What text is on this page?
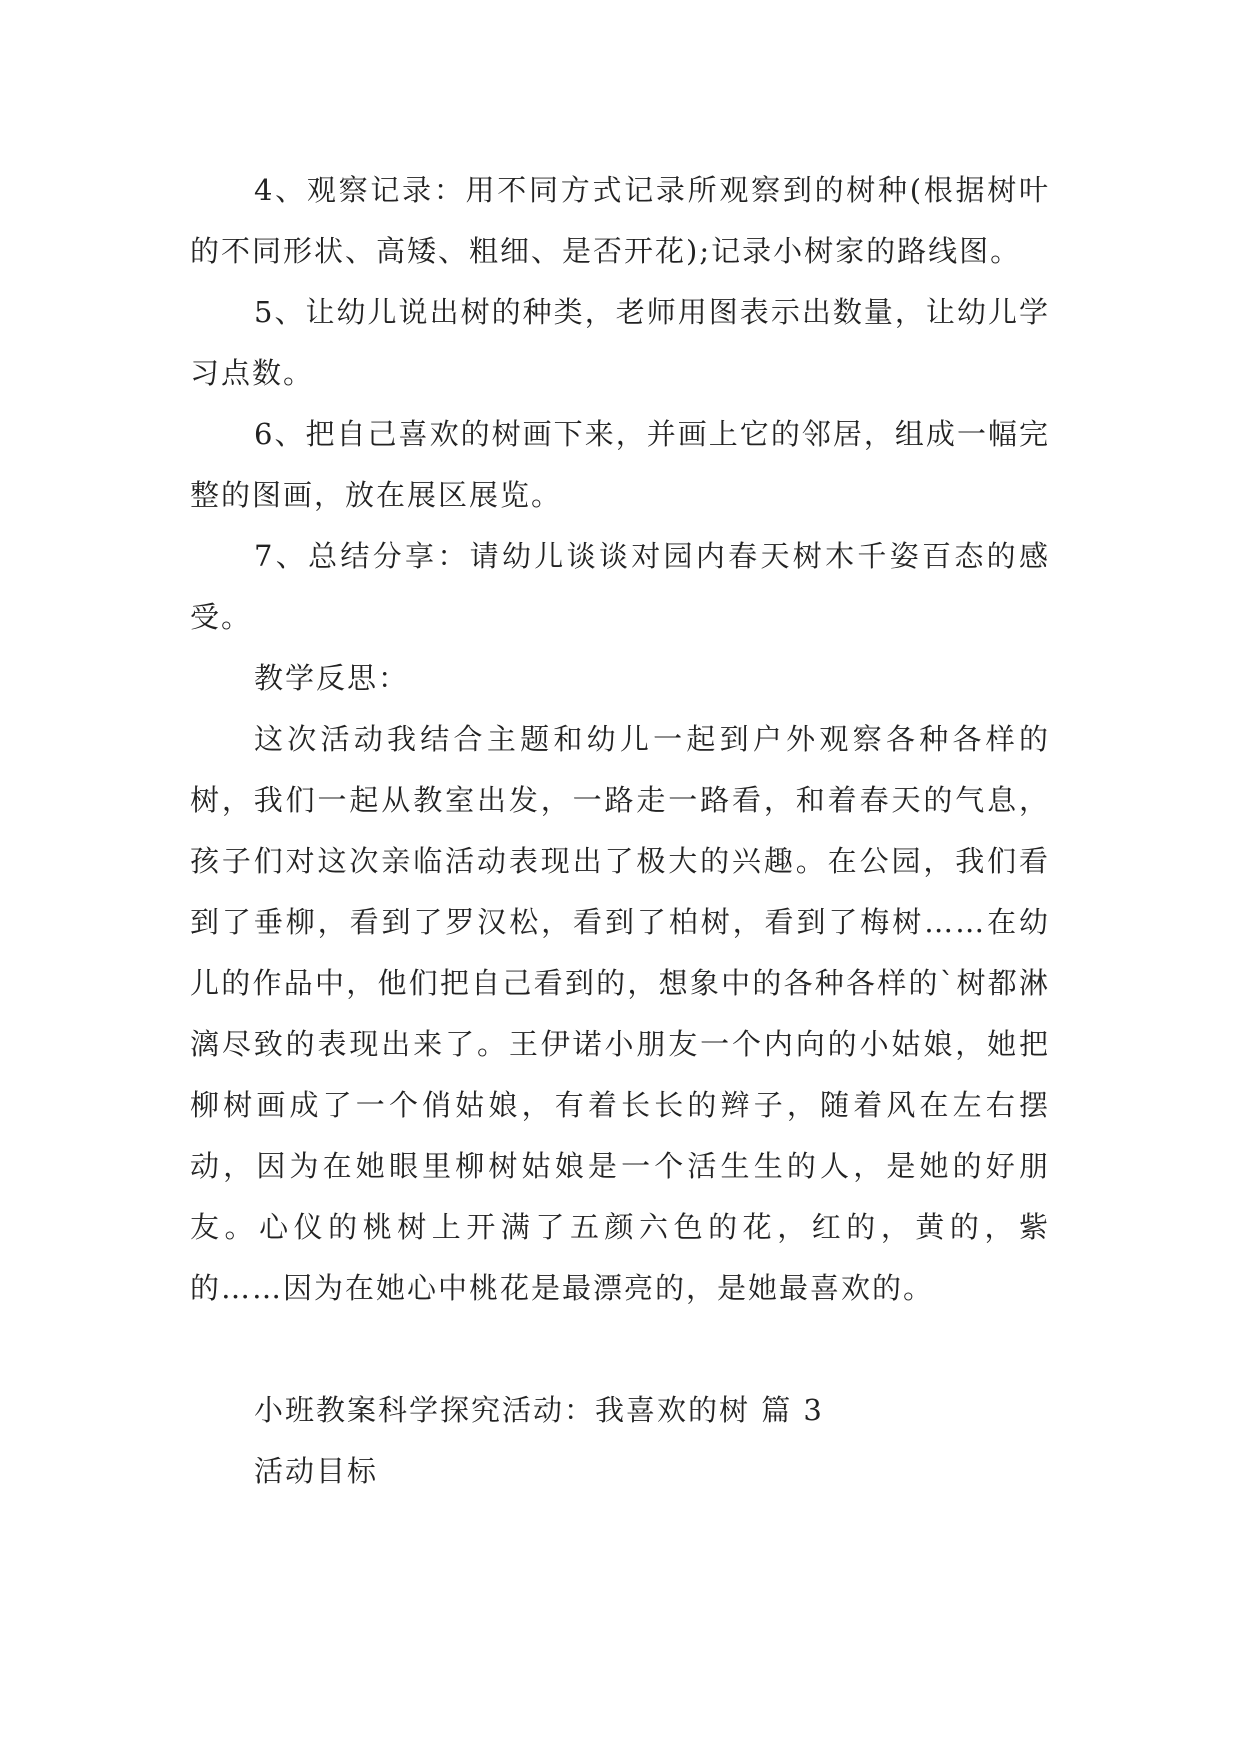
4、观察记录：用不同方式记录所观察到的树种(根据树叶的不同形状、高矮、粗细、是否开花);记录小树家的路线图。

5、让幼儿说出树的种类，老师用图表示出数量，让幼儿学习点数。

6、把自己喜欢的树画下来，并画上它的邻居，组成一幅完整的图画，放在展区展览。

7、总结分享：请幼儿谈谈对园内春天树木千姿百态的感受。

教学反思：

这次活动我结合主题和幼儿一起到户外观察各种各样的树，我们一起从教室出发，一路走一路看，和着春天的气息，孩子们对这次亲临活动表现出了极大的兴趣。在公园，我们看到了垂柳，看到了罗汉松，看到了柏树，看到了梅树……在幼儿的作品中，他们把自己看到的，想象中的各种各样的`树都淋漓尽致的表现出来了。王伊诺小朋友一个内向的小姑娘，她把柳树画成了一个俏姑娘，有着长长的辫子，随着风在左右摆动，因为在她眼里柳树姑娘是一个活生生的人，是她的好朋友。心仪的桃树上开满了五颜六色的花，红的，黄的，紫的……因为在她心中桃花是最漂亮的，是她最喜欢的。

小班教案科学探究活动：我喜欢的树 篇 3

活动目标
